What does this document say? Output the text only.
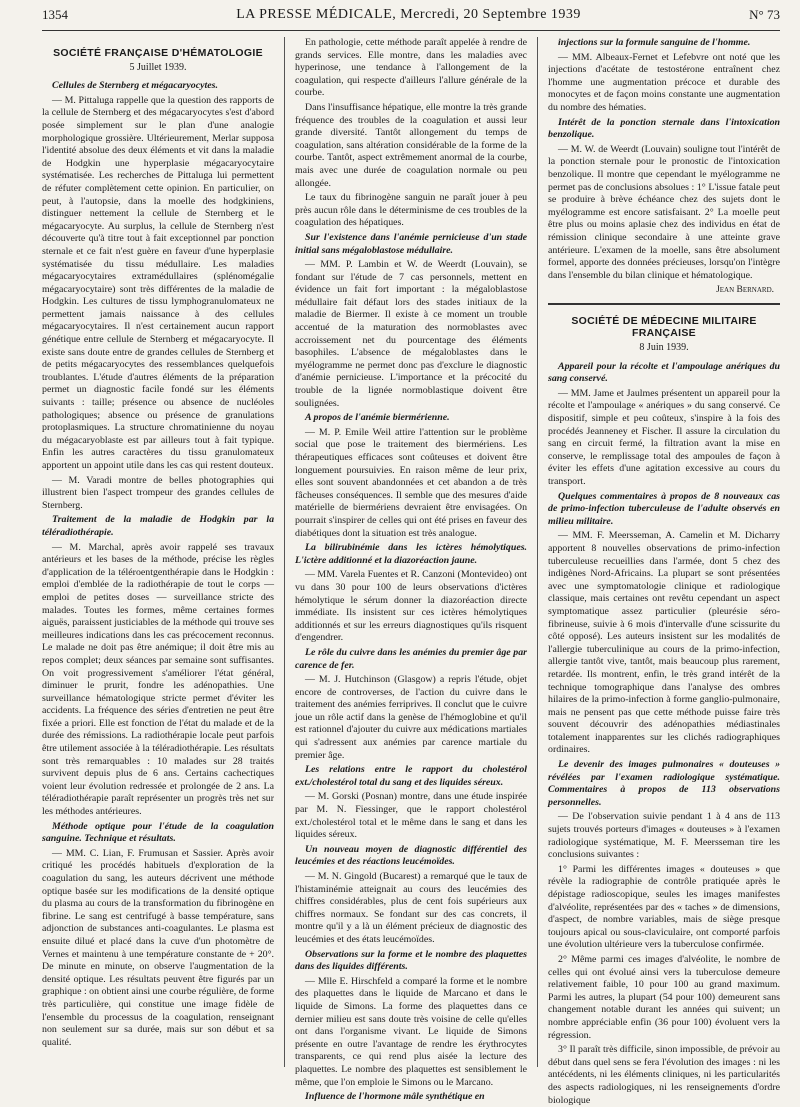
1354	LA PRESSE MÉDICALE, Mercredi, 20 Septembre 1939	N° 73
SOCIÉTÉ FRANÇAISE D'HÉMATOLOGIE
5 Juillet 1939.

Cellules de Sternberg et mégacaryocytes.

— M. Pittaluga rappelle que la question des rapports de la cellule de Sternberg et des mégacaryocytes s'est d'abord posée simplement sur le plan d'une analogie morphologique grossière. Ultérieurement, Merlar supposa l'identité absolue des deux éléments et vit dans la maladie de Hodgkin une hyperplasie mégacaryocytaire systématisée. Les recherches de Pittaluga lui permettent de réfuter complètement cette opinion. En particulier, on peut, à l'autopsie, dans la moelle des hodgkiniens, distinguer nettement la cellule de Sternberg et le mégacaryocyte. Au surplus, la cellule de Sternberg n'est découverte qu'à titre tout à fait exceptionnel par ponction sternale et ce fait n'est guère en faveur d'une hyperplasie systématisée du tissu médullaire. Les maladies mégacaryocytaires extramédullaires (splénomégalie mégacaryocytaire) sont très différentes de la maladie de Hodgkin. Les cultures de tissu lymphogranulomateux ne permettent jamais naissance à des cellules mégacaryocytaires. Il n'est certainement aucun rapport génétique entre cellule de Sternberg et mégacaryocyte. Il existe sans doute entre de grandes cellules de Sternberg et de petits mégacaryocytes des ressemblances quelquefois troublantes. L'étude d'autres éléments de la préparation permet un diagnostic facile fondé sur les éléments suivants : taille; présence ou absence de nucléoles pathologiques; absence ou présence de granulations protoplasmiques. La structure chromatinienne du noyau du mégacaryoblaste est par ailleurs tout à fait typique. Enfin les autres caractères du tissu granulomateux apportent un appoint utile dans les cas qui restent douteux.

— M. Varadi montre de belles photographies qui illustrent bien l'aspect trompeur des grandes cellules de Sternberg.

Traitement de la maladie de Hodgkin par la téléradiothérapie.

— M. Marchal, après avoir rappelé ses travaux antérieurs et les bases de la méthode, précise les règles d'application de la téléroentgenthérapie dans le Hodgkin : emploi d'emblée de la radiothérapie de tout le corps — emploi de petites doses — surveillance stricte des malades. Toutes les formes, même certaines formes aiguës, paraissent justiciables de la méthode qui trouve ses meilleures indications dans les cas précocement reconnus. Le malade ne doit pas être anémique; il doit être mis au repos complet; deux séances par semaine sont suffisantes. On voit progressivement s'améliorer l'état général, diminuer le prurit, fondre les adénopathies. Une surveillance hématologique stricte permet d'éviter les accidents. La fréquence des séries d'entretien ne peut être fixée a priori. Elle est fonction de l'état du malade et de la durée des rémissions. La radiothérapie locale peut parfois être utilement associée à la téléradiothérapie. Les résultats sont très remarquables : 10 malades sur 28 traités survivent depuis plus de 6 ans. Certains cachectiques voient leur évolution redressée et prolongée de 2 ans. La téléradiothérapie paraît représenter un progrès très net sur les méthodes antérieures.

Méthode optique pour l'étude de la coagulation sanguine. Technique et résultats.

— MM. C. Lian, F. Frumusan et Sassier. Après avoir critiqué les procédés habituels d'exploration de la coagulation du sang, les auteurs décrivent une méthode optique basée sur les modifications de la densité optique du plasma au cours de la transformation du fibrinogène en fibrine. Le sang est centrifugé à basse température, sans adjonction de substances anti-coagulantes. Le plasma est ensuite dilué et placé dans la cuve d'un photomètre de Vernes et maintenu à une température constante de + 20°. De minute en minute, on observe l'augmentation de la densité optique. Les résultats peuvent être figurés par un graphique : on obtient ainsi une courbe régulière, de forme très particulière, qui constitue une image fidèle de l'ensemble du processus de la coagulation, renseignant non seulement sur sa durée, mais sur son début et sa qualité.

En pathologie, cette méthode paraît appelée à rendre de grands services. Elle montre, dans les maladies avec hyperinose, une tendance à l'allongement de la coagulation, qui respecte d'ailleurs l'allure générale de la courbe.

Dans l'insuffisance hépatique, elle montre la très grande fréquence des troubles de la coagulation et aussi leur grande diversité. Tantôt allongement du temps de coagulation, sans altération considérable de la forme de la courbe. Tantôt, aspect extrêmement anormal de la courbe, mais avec une durée de coagulation normale ou peu allongée.

Le taux du fibrinogène sanguin ne paraît jouer à peu près aucun rôle dans le déterminisme de ces troubles de la coagulation des hépatiques.

Sur l'existence dans l'anémie pernicieuse d'un stade initial sans mégaloblastose médullaire.

— MM. P. Lambin et W. de Weerdt (Louvain), se fondant sur l'étude de 7 cas personnels, mettent en évidence un fait fort important : la mégaloblastose médullaire fait défaut lors des stades initiaux de la maladie de Biermer. Il existe à ce moment un trouble accentué de la maturation des normoblastes avec accroissement net du pourcentage des éléments basophiles. L'absence de mégaloblastes dans le myélogramme ne permet donc pas d'exclure le diagnostic d'anémie pernicieuse. L'importance et la précocité du trouble de la lignée normoblastique doivent être soulignées.

A propos de l'anémie biermérienne.

— M. P. Emile Weil attire l'attention sur le problème social que pose le traitement des biermériens. Les thérapeutiques efficaces sont coûteuses et doivent être longuement poursuivies. En raison même de leur prix, elles sont souvent abandonnées et cet abandon a de très fâcheuses conséquences. Il semble que des mesures d'aide matérielle de biermériens devraient être envisagées. On pourrait s'inspirer de celles qui ont été prises en faveur des diabétiques dont la situation est très analogue.

La bilirubinémie dans les ictères hémolytiques. L'ictère additionné et la diazoréaction jaune.

— MM. Varela Fuentes et R. Canzoni (Montevideo) ont vu dans 30 pour 100 de leurs observations d'ictères hémolytique le sérum donner la diazoréaction directe immédiate. Ils insistent sur ces ictères hémolytiques additionnés et sur les erreurs diagnostiques qu'ils risquent d'engendrer.

Le rôle du cuivre dans les anémies du premier âge par carence de fer.

— M. J. Hutchinson (Glasgow) a repris l'étude, objet encore de controverses, de l'action du cuivre dans le traitement des anémies ferriprives. Il conclut que le cuivre joue un rôle actif dans la genèse de l'hémoglobine et qu'il est rationnel d'ajouter du cuivre aux médications martiales qui s'adressent aux anémies par carence martiale du premier âge.

Les relations entre le rapport du cholestérol ext./cholestérol total du sang et des liquides séreux.

— M. Gorski (Posnan) montre, dans une étude inspirée par M. N. Fiessinger, que le rapport cholestérol ext./cholestérol total et le même dans le sang et dans les liquides séreux.

Un nouveau moyen de diagnostic différentiel des leucémies et des réactions leucémoïdes.

— M. N. Gingold (Bucarest) a remarqué que le taux de l'histaminémie atteignait au cours des leucémies des chiffres considérables, plus de cent fois supérieurs aux chiffres normaux. Se fondant sur des cas concrets, il montre qu'il y a là un élément précieux de diagnostic des leucémies et des états leucémoïdes.

Observations sur la forme et le nombre des plaquettes dans des liquides différents.

— Mlle E. Hirschfeld a comparé la forme et le nombre des plaquettes dans le liquide de Marcano et dans le liquide de Simons. La forme des plaquettes dans ce dernier milieu est sans doute très voisine de celle qu'elles ont dans l'organisme vivant. Le liquide de Simons présente en outre l'avantage de rendre les érythrocytes transparents, ce qui rend plus aisée la lecture des plaquettes. Le nombre des plaquettes est sensiblement le même, que l'on emploie le Simons ou le Marcano.

Influence de l'hormone mâle synthétique en

injections sur la formule sanguine de l'homme.

— MM. Albeaux-Fernet et Lefebvre ont noté que les injections d'acétate de testostérone entraînent chez l'homme une augmentation précoce et durable des monocytes et de façon moins constante une augmentation du nombre des hématies.

Intérêt de la ponction sternale dans l'intoxication benzolique.

— M. W. de Weerdt (Louvain) souligne tout l'intérêt de la ponction sternale pour le pronostic de l'intoxication benzolique. Il montre que cependant le myélogramme ne permet pas de conclusions absolues : 1° L'issue fatale peut se produire à brève échéance chez des sujets dont le myélogramme est encore satisfaisant. 2° La moelle peut être plus ou moins aplasie chez des individus en état de rémission clinique secondaire à une atteinte grave antérieure. L'examen de la moelle, sans être absolument formel, apporte des données précieuses, lorsqu'on l'intègre dans l'ensemble du bilan clinique et hématologique.

Jean Bernard.
SOCIÉTÉ DE MÉDECINE MILITAIRE FRANÇAISE
8 Juin 1939.

Appareil pour la récolte et l'ampoulage anériques du sang conservé.

— MM. Jame et Jaulmes présentent un appareil pour la récolte et l'ampoulage « anériques » du sang conservé. Ce dispositif, simple et peu coûteux, s'inspire à la fois des procédés Jeanneney et Fischer. Il assure la circulation du sang en circuit fermé, la filtration avant la mise en conserve, le remplissage total des ampoules de façon à éviter les effets d'une agitation excessive au cours du transport.

Quelques commentaires à propos de 8 nouveaux cas de primo-infection tuberculeuse de l'adulte observés en milieu militaire.

— MM. F. Meersseman, A. Camelin et M. Dicharry apportent 8 nouvelles observations de primo-infection tuberculeuse recueillies dans l'armée, dont 5 chez des indigènes Nord-Africains. La plupart se sont présentées avec une symptomatologie clinique et radiologique classique, mais certaines ont revêtu cependant un aspect symptomatique assez particulier (pleurésie séro-fibrineuse, suivie à 6 mois d'intervalle d'une scissurite du côté opposé). Les auteurs insistent sur les modalités de l'allergie tuberculinique au cours de la primo-infection, allergie tantôt vive, tantôt, mais beaucoup plus rarement, retardée. Ils montrent, enfin, le très grand intérêt de la technique tomographique dans l'analyse des ombres hilaires de la primo-infection à forme ganglio-pulmonaire, mais ne pensent pas que cette méthode puisse faire très souvent découvrir des adénopathies médiastinales totalement inapparentes sur les clichés radiographiques ordinaires.

Le devenir des images pulmonaires « douteuses » révélées par l'examen radiologique systématique. Commentaires à propos de 113 observations personnelles.

— De l'observation suivie pendant 1 à 4 ans de 113 sujets trouvés porteurs d'images « douteuses » à l'examen radiologique systématique, M. F. Meersseman tire les conclusions suivantes :

1° Parmi les différentes images « douteuses » que révèle la radiographie de contrôle pratiquée après le dépistage radioscopique, seules les images manifestes d'alvéolite, représentées par des « taches » de dimensions, d'aspect, de nombre variables, mais de siège presque toujours apical ou sous-claviculaire, ont comporté parfois une évolution ultérieure vers la tuberculose confirmée.

2° Même parmi ces images d'alvéolite, le nombre de celles qui ont évolué ainsi vers la tuberculose demeure relativement faible, 10 pour 100 au grand maximum. Parmi les autres, la plupart (54 pour 100) demeurent sans changement notable durant les années qui suivent; un nombre appréciable enfin (36 pour 100) évoluent vers la régression.

3° Il paraît très difficile, sinon impossible, de prévoir au début dans quel sens se fera l'évolution des images : ni les antécédents, ni les éléments cliniques, ni les particularités des aspects radiologiques, ni les renseignements d'ordre biologique
